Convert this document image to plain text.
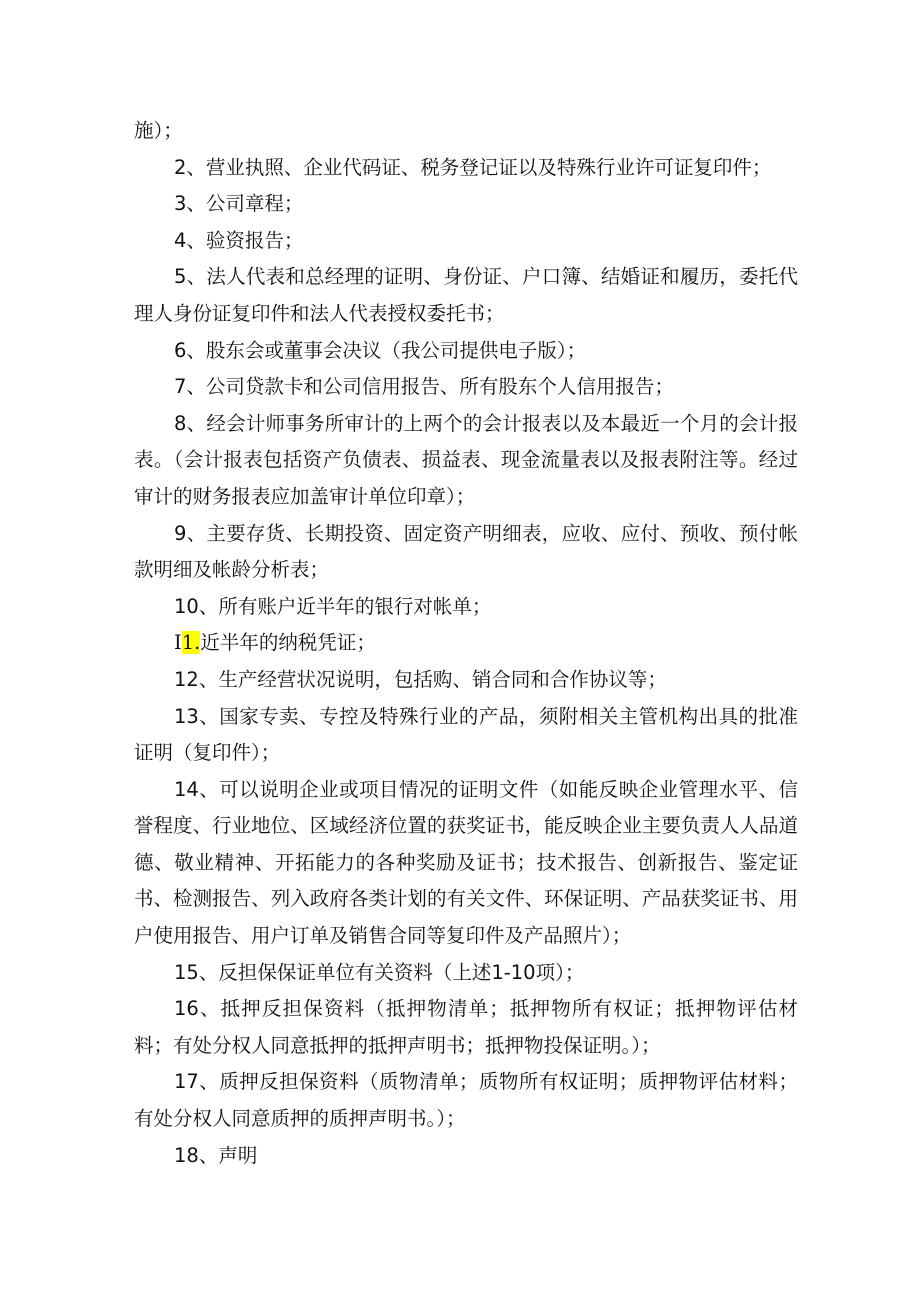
施）；

2、营业执照、企业代码证、税务登记证以及特殊行业许可证复印件；

3、公司章程；

4、验资报告；

5、法人代表和总经理的证明、身份证、户口簿、结婚证和履历，委托代理人身份证复印件和法人代表授权委托书；

6、股东会或董事会决议（我公司提供电子版）；

7、公司贷款卡和公司信用报告、所有股东个人信用报告；

8、经会计师事务所审计的上两个的会计报表以及本最近一个月的会计报表。（会计报表包括资产负债表、损益表、现金流量表以及报表附注等。经过审计的财务报表应加盖审计单位印章）；

9、主要存货、长期投资、固定资产明细表，应收、应付、预收、预付帐款明细及帐龄分析表；

10、所有账户近半年的银行对帐单；

I1.近半年的纳税凭证；

12、生产经营状况说明，包括购、销合同和合作协议等；

13、国家专卖、专控及特殊行业的产品，须附相关主管机构出具的批准证明（复印件）；

14、可以说明企业或项目情况的证明文件（如能反映企业管理水平、信誉程度、行业地位、区域经济位置的获奖证书，能反映企业主要负责人人品道德、敬业精神、开拓能力的各种奖励及证书；技术报告、创新报告、鉴定证书、检测报告、列入政府各类计划的有关文件、环保证明、产品获奖证书、用户使用报告、用户订单及销售合同等复印件及产品照片）；

15、反担保保证单位有关资料（上述1-10项）；

16、抵押反担保资料（抵押物清单；抵押物所有权证；抵押物评估材料；有处分权人同意抵押的抵押声明书；抵押物投保证明。）；

17、质押反担保资料（质物清单；质物所有权证明；质押物评估材料；有处分权人同意质押的质押声明书。）；

18、声明
